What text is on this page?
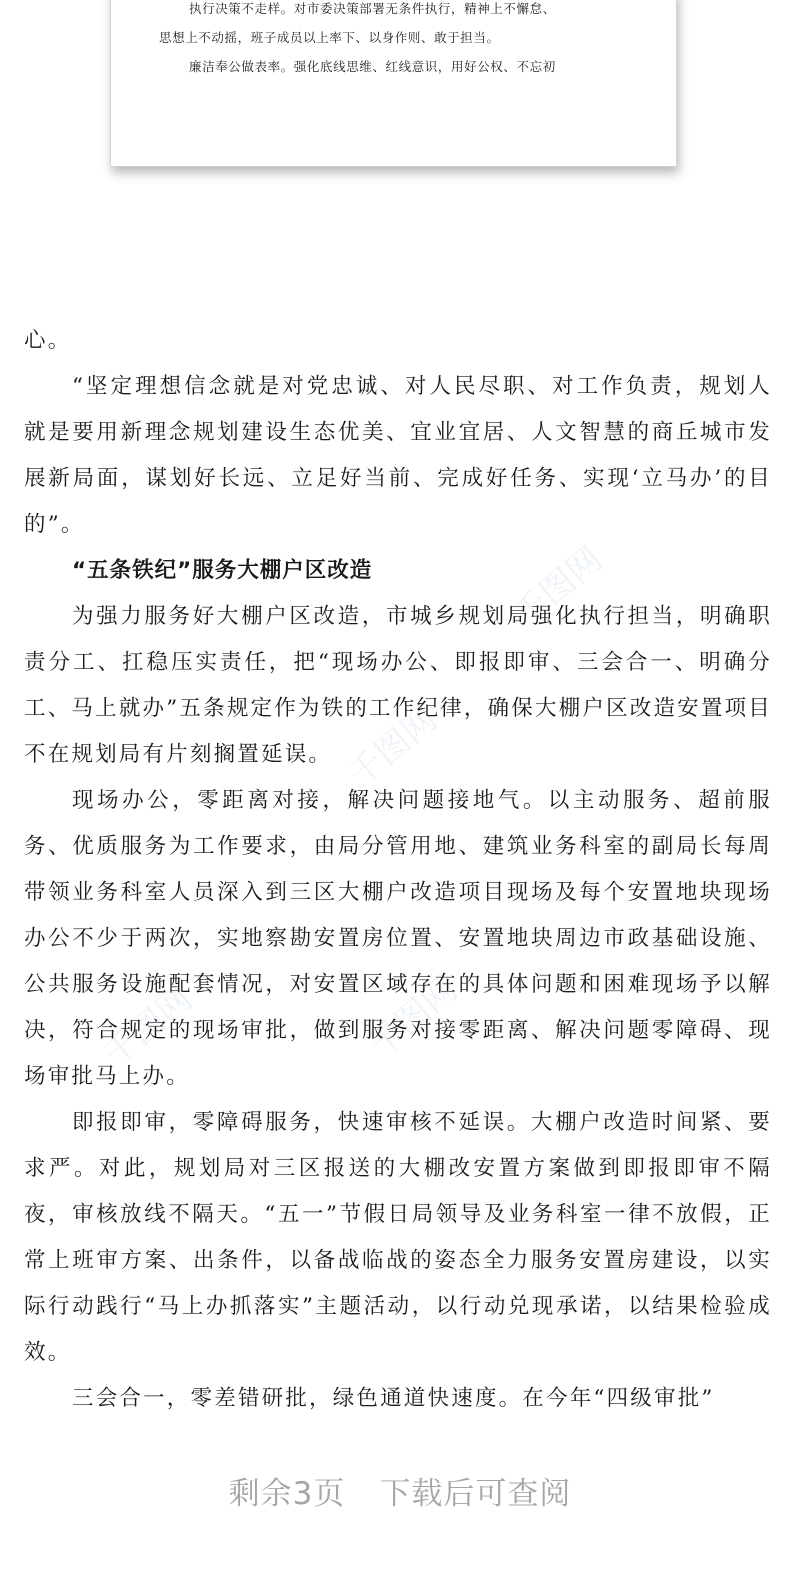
执行决策不走样。对市委决策部署无条件执行，精神上不懈怠、
思想上不动摇，班子成员以上率下、以身作则、敢于担当。
廉洁奉公做表率。强化底线思维、红线意识，用好公权、不忘初
千图网
千图网
千图网
千图网

心。

“坚定理想信念就是对党忠诚、对人民尽职、对工作负责，规划人就是要用新理念规划建设生态优美、宜业宜居、人文智慧的商丘城市发展新局面，谋划好长远、立足好当前、完成好任务、实现‘立马办’的目的”。

“五条铁纪”服务大棚户区改造

为强力服务好大棚户区改造，市城乡规划局强化执行担当，明确职责分工、扛稳压实责任，把“现场办公、即报即审、三会合一、明确分工、马上就办”五条规定作为铁的工作纪律，确保大棚户区改造安置项目不在规划局有片刻搁置延误。

现场办公，零距离对接，解决问题接地气。以主动服务、超前服务、优质服务为工作要求，由局分管用地、建筑业务科室的副局长每周带领业务科室人员深入到三区大棚户改造项目现场及每个安置地块现场办公不少于两次，实地察勘安置房位置、安置地块周边市政基础设施、公共服务设施配套情况，对安置区域存在的具体问题和困难现场予以解决，符合规定的现场审批，做到服务对接零距离、解决问题零障碍、现场审批马上办。

即报即审，零障碍服务，快速审核不延误。大棚户改造时间紧、要求严。对此，规划局对三区报送的大棚改安置方案做到即报即审不隔夜，审核放线不隔天。“五一”节假日局领导及业务科室一律不放假，正常上班审方案、出条件，以备战临战的姿态全力服务安置房建设，以实际行动践行“马上办抓落实”主题活动，以行动兑现承诺，以结果检验成效。

三会合一，零差错研批，绿色通道快速度。在今年“四级审批”

剩余3页 下载后可查阅
